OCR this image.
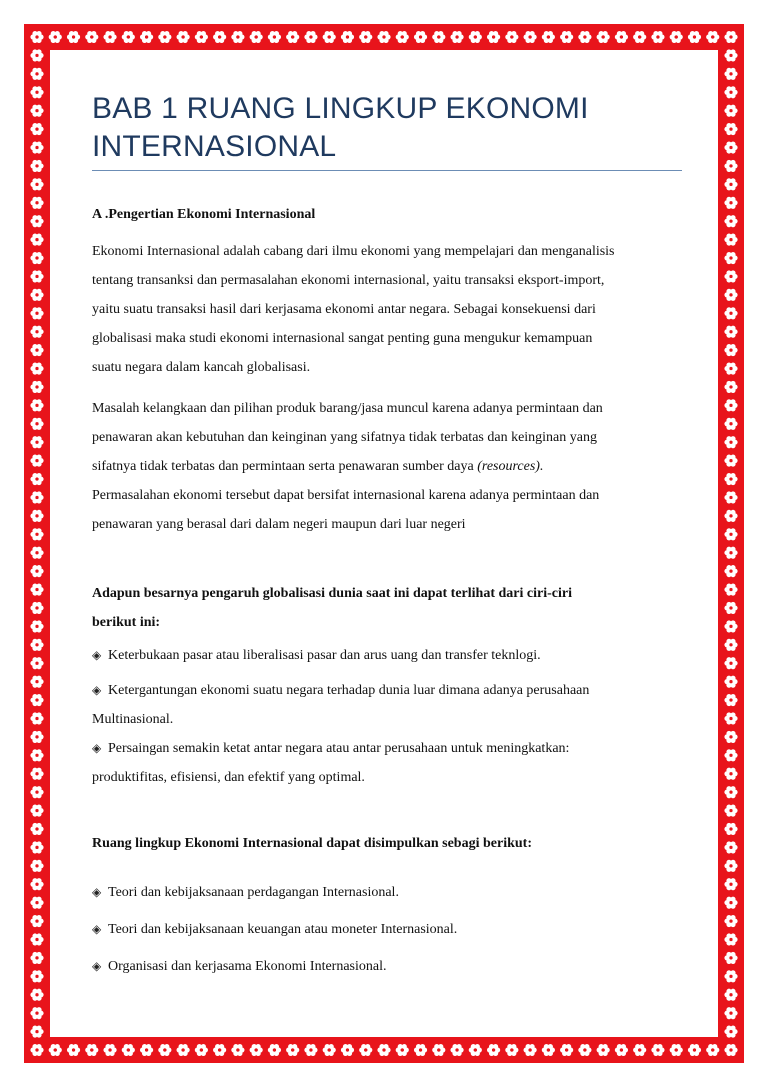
BAB 1 RUANG LINGKUP EKONOMI
INTERNASIONAL

A .Pengertian Ekonomi Internasional

Ekonomi Internasional adalah cabang dari ilmu ekonomi yang mempelajari dan menganalisis

tentang transanksi dan permasalahan ekonomi internasional, yaitu transaksi eksport-import,

yaitu suatu transaksi hasil dari kerjasama ekonomi antar negara. Sebagai konsekuensi dari

globalisasi maka studi ekonomi internasional sangat penting guna mengukur kemampuan

suatu negara dalam kancah globalisasi.

Masalah kelangkaan dan pilihan produk barang/jasa muncul karena adanya permintaan dan

penawaran akan kebutuhan dan keinginan yang sifatnya tidak terbatas dan keinginan yang

sifatnya tidak terbatas dan permintaan serta penawaran sumber daya (resources).

Permasalahan ekonomi tersebut dapat bersifat internasional karena adanya permintaan dan

penawaran yang berasal dari dalam negeri maupun dari luar negeri

Adapun besarnya pengaruh globalisasi dunia saat ini dapat terlihat dari ciri-ciri

berikut ini:

◈ Keterbukaan pasar atau liberalisasi pasar dan arus uang dan transfer teknlogi.

◈ Ketergantungan ekonomi suatu negara terhadap dunia luar dimana adanya perusahaan

Multinasional.

◈ Persaingan semakin ketat antar negara atau antar perusahaan untuk meningkatkan:

produktifitas, efisiensi, dan efektif yang optimal.

Ruang lingkup Ekonomi Internasional dapat disimpulkan sebagi berikut:

◈ Teori dan kebijaksanaan perdagangan Internasional.

◈ Teori dan kebijaksanaan keuangan atau moneter Internasional.

◈ Organisasi dan kerjasama Ekonomi Internasional.
